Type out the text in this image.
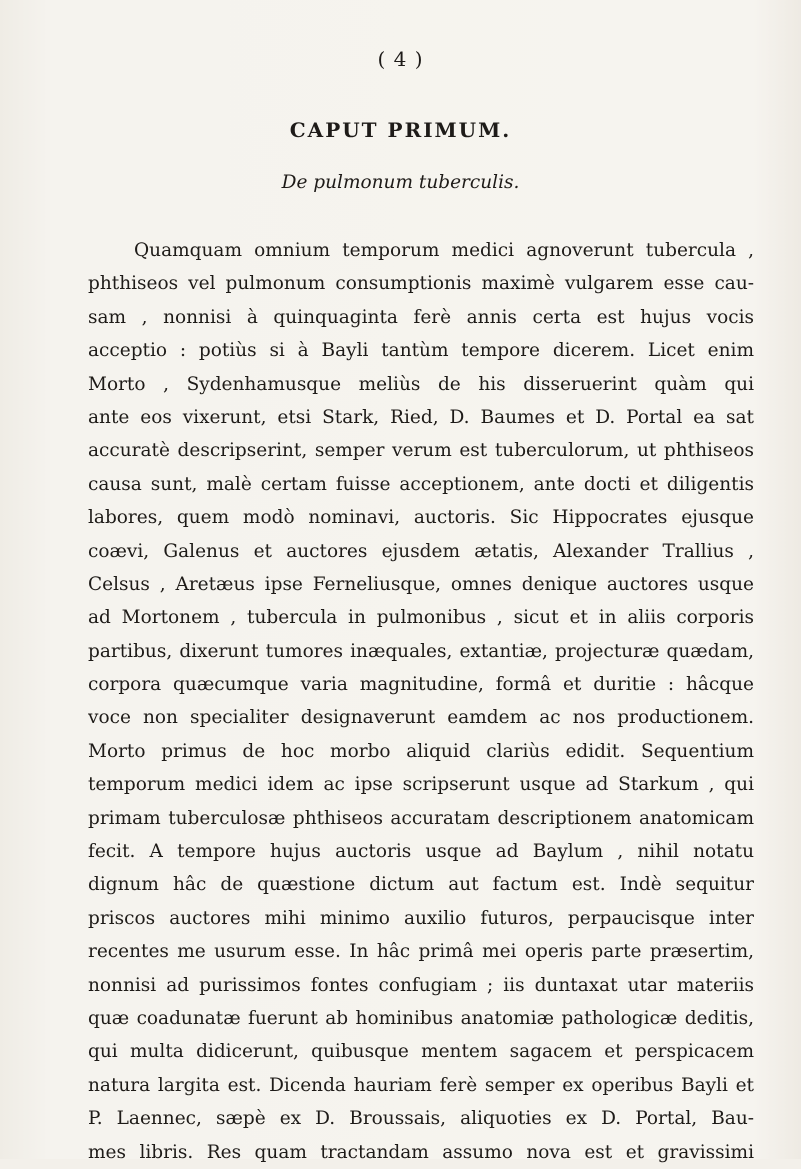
( 4 )
CAPUT PRIMUM.
De pulmonum tuberculis.
Quamquam omnium temporum medici agnoverunt tubercula ,
phthiseos vel pulmonum consumptionis maximè vulgarem esse cau-
sam , nonnisi à quinquaginta ferè annis certa est hujus vocis
acceptio : potiùs si à Bayli tantùm tempore dicerem. Licet enim
Morto , Sydenhamusque meliùs de his disseruerint quàm qui
ante eos vixerunt, etsi Stark, Ried, D. Baumes et D. Portal ea sat
accuratè descripserint, semper verum est tuberculorum, ut phthiseos
causa sunt, malè certam fuisse acceptionem, ante docti et diligentis
labores, quem modò nominavi, auctoris. Sic Hippocrates ejusque
coævi, Galenus et auctores ejusdem ætatis, Alexander Trallius ,
Celsus , Aretæus ipse Ferneliusque, omnes denique auctores usque
ad Mortonem , tubercula in pulmonibus , sicut et in aliis corporis
partibus, dixerunt tumores inæquales, extantiæ, projecturæ quædam,
corpora quæcumque varia magnitudine, formâ et duritie : hâcque
voce non specialiter designaverunt eamdem ac nos productionem.
Morto primus de hoc morbo aliquid clariùs edidit. Sequentium
temporum medici idem ac ipse scripserunt usque ad Starkum , qui
primam tuberculosæ phthiseos accuratam descriptionem anatomicam
fecit. A tempore hujus auctoris usque ad Baylum , nihil notatu
dignum hâc de quæstione dictum aut factum est. Indè sequitur
priscos auctores mihi minimo auxilio futuros, perpaucisque inter
recentes me usurum esse. In hâc primâ mei operis parte præsertim,
nonnisi ad purissimos fontes confugiam ; iis duntaxat utar materiis
quæ coadunatæ fuerunt ab hominibus anatomiæ pathologicæ deditis,
qui multa didicerunt, quibusque mentem sagacem et perspicacem
natura largita est. Dicenda hauriam ferè semper ex operibus Bayli et
P. Laennec, sæpè ex D. Broussais, aliquoties ex D. Portal, Bau-
mes libris. Res quam tractandam assumo nova est et gravissimi
